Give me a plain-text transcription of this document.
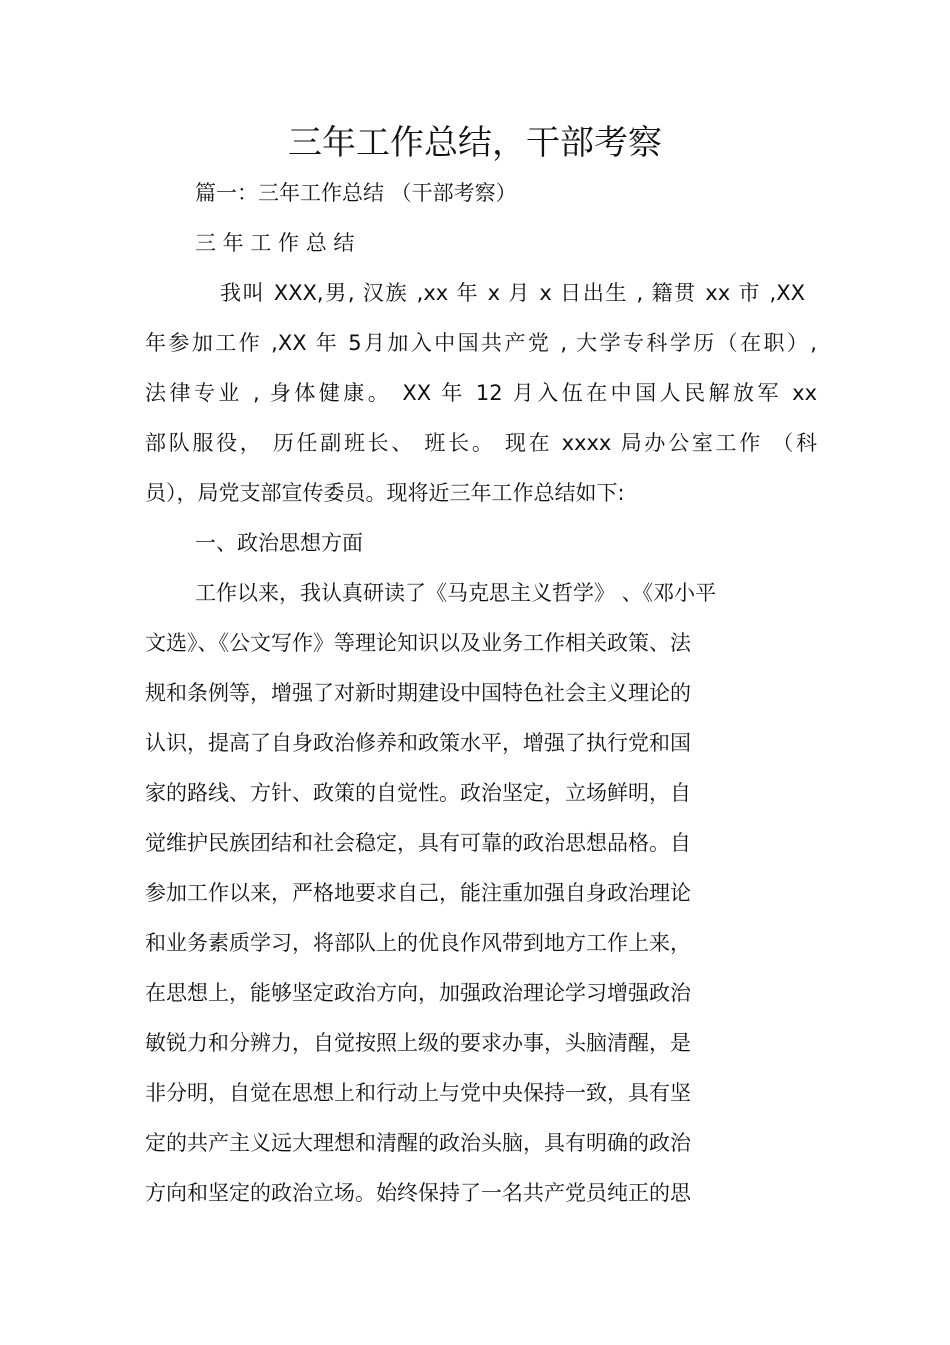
三年工作总结，干部考察
篇一：三年工作总结 （干部考察）
三 年 工 作 总 结
我叫 XXX,男, 汉族 ,xx 年 x 月 x 日出生 , 籍贯 xx 市 ,XX
年参加工作 ,XX 年 5月加入中国共产党 , 大学专科学历（在职）,
法律专业 , 身体健康。 XX 年 12 月入伍在中国人民解放军 xx
部队服役， 历任副班长、 班长。 现在 xxxx 局办公室工作 （科
员），局党支部宣传委员。现将近三年工作总结如下:
一、政治思想方面
工作以来，我认真研读了《马克思主义哲学》 、《邓小平
文选》、《公文写作》等理论知识以及业务工作相关政策、法
规和条例等，增强了对新时期建设中国特色社会主义理论的
认识，提高了自身政治修养和政策水平，增强了执行党和国
家的路线、方针、政策的自觉性。政治坚定，立场鲜明，自
觉维护民族团结和社会稳定，具有可靠的政治思想品格。自
参加工作以来，严格地要求自己，能注重加强自身政治理论
和业务素质学习，将部队上的优良作风带到地方工作上来，
在思想上，能够坚定政治方向，加强政治理论学习增强政治
敏锐力和分辨力，自觉按照上级的要求办事，头脑清醒，是
非分明，自觉在思想上和行动上与党中央保持一致，具有坚
定的共产主义远大理想和清醒的政治头脑，具有明确的政治
方向和坚定的政治立场。始终保持了一名共产党员纯正的思
